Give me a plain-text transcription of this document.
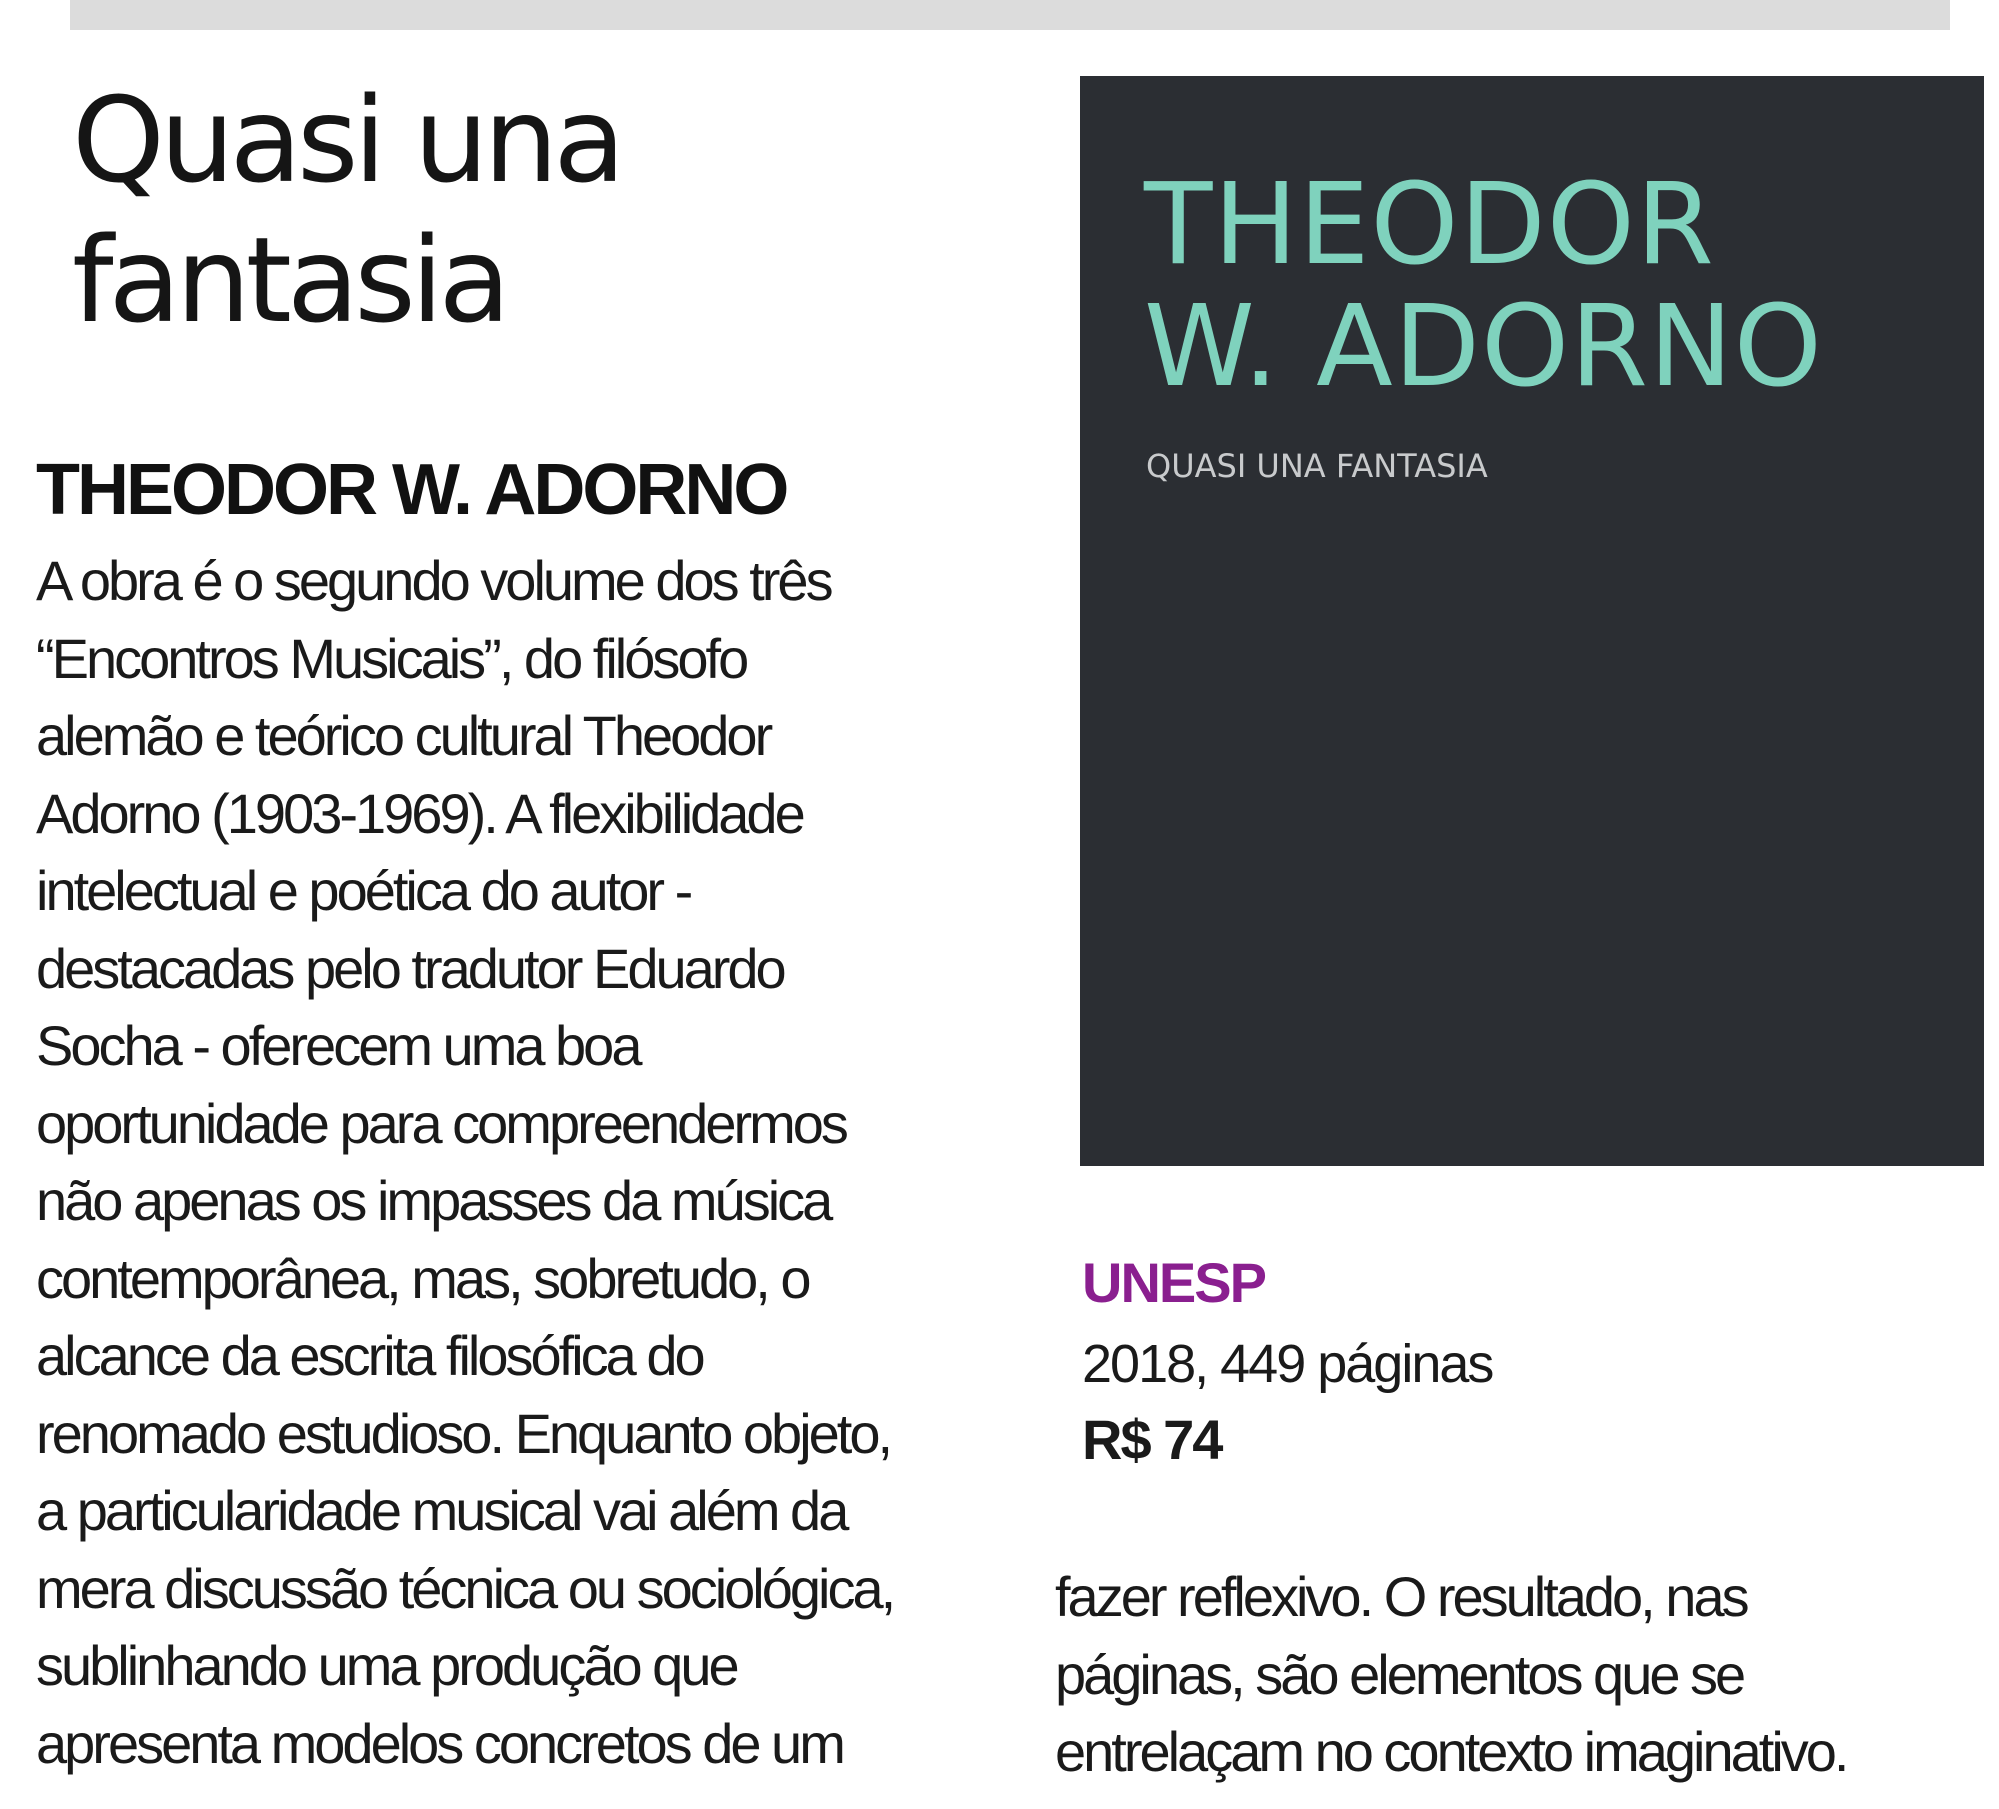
Quasi una fantasia
THEODOR W. ADORNO

A obra é o segundo volume dos três
“Encontros Musicais”, do filósofo
alemão e teórico cultural Theodor
Adorno (1903-1969). A flexibilidade
intelectual e poética do autor -
destacadas pelo tradutor Eduardo
Socha - oferecem uma boa
oportunidade para compreendermos
não apenas os impasses da música
contemporânea, mas, sobretudo, o
alcance da escrita filosófica do
renomado estudioso. Enquanto objeto,
a particularidade musical vai além da
mera discussão técnica ou sociológica,
sublinhando uma produção que
apresenta modelos concretos de um

THEODOR
W. ADORNO
QUASI UNA FANTASIA
UNESP
2018, 449 páginas
R$ 74

fazer reflexivo. O resultado, nas
páginas, são elementos que se
entrelaçam no contexto imaginativo.
